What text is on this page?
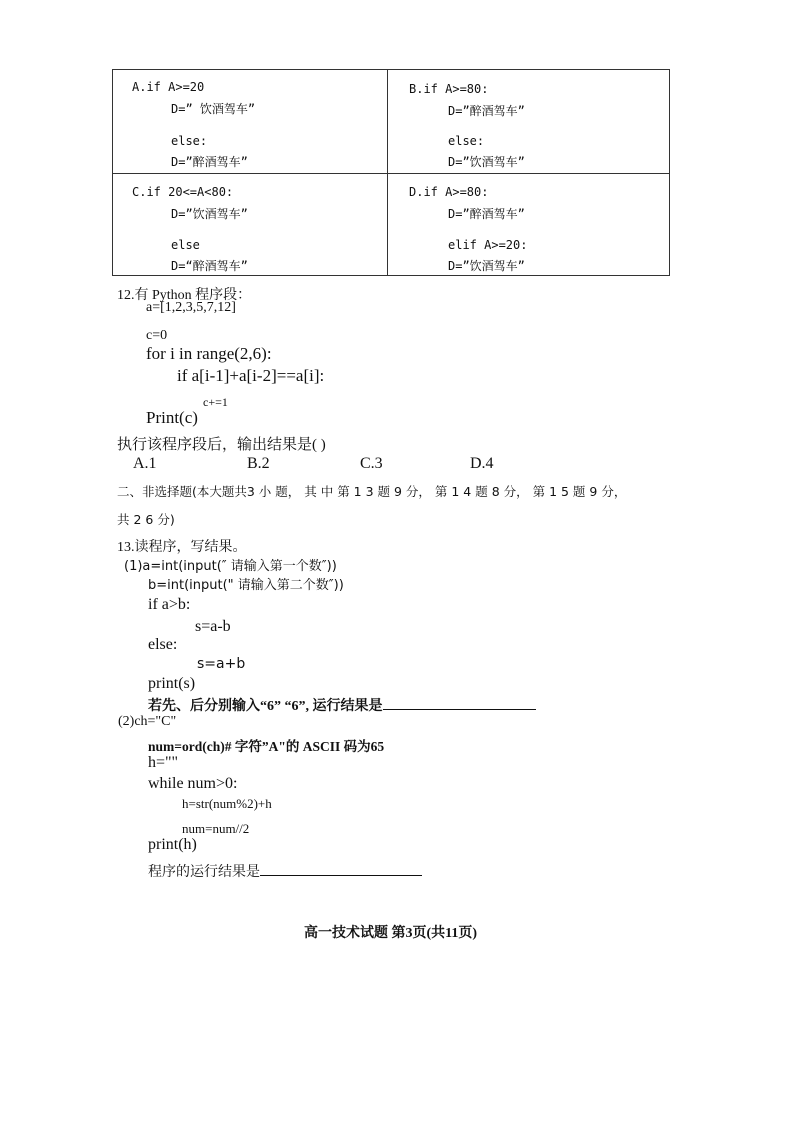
A.if A>=20
D=” 饮酒驾车”
else:
D=”醉酒驾车”
B.if A>=80:
D=”醉酒驾车”
else:
D=”饮酒驾车”
C.if 20<=A<80:
D=”饮酒驾车”
else
D=“醉酒驾车”
D.if A>=80:
D=”醉酒驾车”
elif A>=20:
D=”饮酒驾车”
12.有 Python 程序段：
a=[1,2,3,5,7,12]
c=0
for i in range(2,6):
if a[i-1]+a[i-2]==a[i]:
c+=1
Print(c)
执行该程序段后，输出结果是( )
A.1	B.2	C.3	D.4
二、非选择题(本大题共3 小 题， 其 中 第 1 3 题 9 分， 第 1 4 题 8 分， 第 1 5 题 9 分，
共 2 6 分)
13.读程序，写结果。
(1)a=int(input(″ 请输入第一个数″))
b=int(input(" 请输入第二个数″))
if a>b:
s=a-b
else:
s=a+b
print(s)
若先、后分别输入“6” “6”, 运行结果是
(2)ch="C"
num=ord(ch)# 字符”A"的 ASCII 码为65
h=""
while num>0:
h=str(num%2)+h
num=num//2
print(h)
程序的运行结果是
高一技术试题 第3页(共11页)
